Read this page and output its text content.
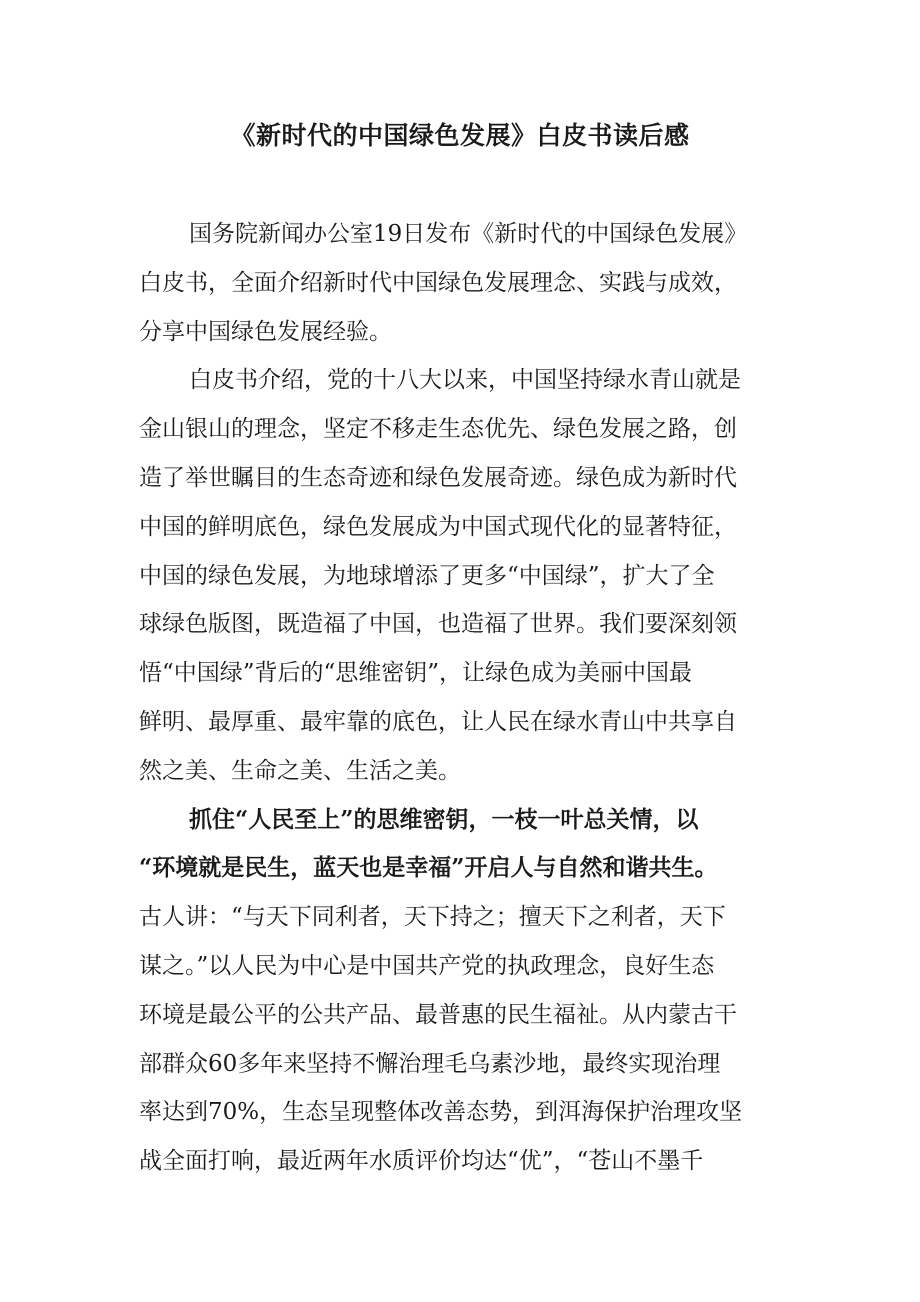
《新时代的中国绿色发展》白皮书读后感
国务院新闻办公室19日发布《新时代的中国绿色发展》
白皮书，全面介绍新时代中国绿色发展理念、实践与成效，
分享中国绿色发展经验。
白皮书介绍，党的十八大以来，中国坚持绿水青山就是
金山银山的理念，坚定不移走生态优先、绿色发展之路，创
造了举世瞩目的生态奇迹和绿色发展奇迹。绿色成为新时代
中国的鲜明底色，绿色发展成为中国式现代化的显著特征，
中国的绿色发展，为地球增添了更多“中国绿”，扩大了全
球绿色版图，既造福了中国，也造福了世界。我们要深刻领
悟“中国绿”背后的“思维密钥”，让绿色成为美丽中国最
鲜明、最厚重、最牢靠的底色，让人民在绿水青山中共享自
然之美、生命之美、生活之美。
抓住“人民至上”的思维密钥，一枝一叶总关情，以
“环境就是民生，蓝天也是幸福”开启人与自然和谐共生。
古人讲：“与天下同利者，天下持之；擅天下之利者，天下
谋之。”以人民为中心是中国共产党的执政理念，良好生态
环境是最公平的公共产品、最普惠的民生福祉。从内蒙古干
部群众60多年来坚持不懈治理毛乌素沙地，最终实现治理
率达到70%，生态呈现整体改善态势，到洱海保护治理攻坚
战全面打响，最近两年水质评价均达“优”，“苍山不墨千
